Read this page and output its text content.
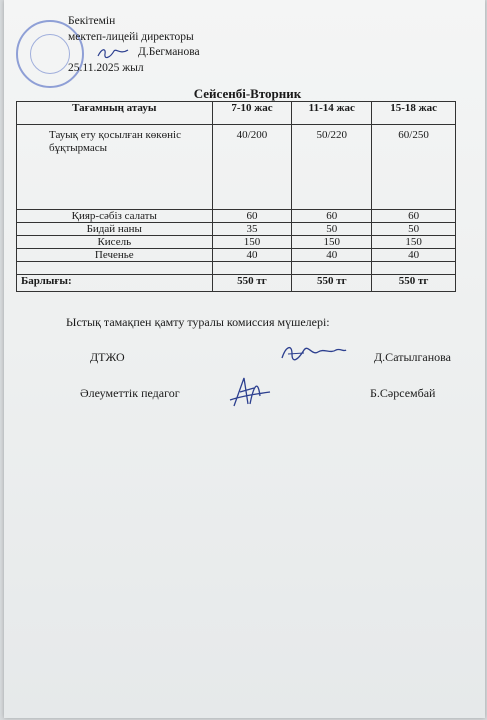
Бекітемін
мектеп-лицейі директоры
Д.Бегманова
25.11.2025 жыл
Сейсенбі-Вторник
Тағамның атауы	7-10 жас	11-14 жас	15-18 жас
Тауық ету қосылған көкөніс бұқтырмасы	40/200	50/220	60/250
Қияр-сәбіз салаты	60	60	60
Бидай наны	35	50	50
Кисель	150	150	150
Печенье	40	40	40

Барлығы:	550 тг	550 тг	550 тг
Ыстық тамақпен қамту туралы комиссия мүшелері:
ДТЖО	Д.Сатылганова
Әлеуметтік педагог	Б.Сәрсембай
